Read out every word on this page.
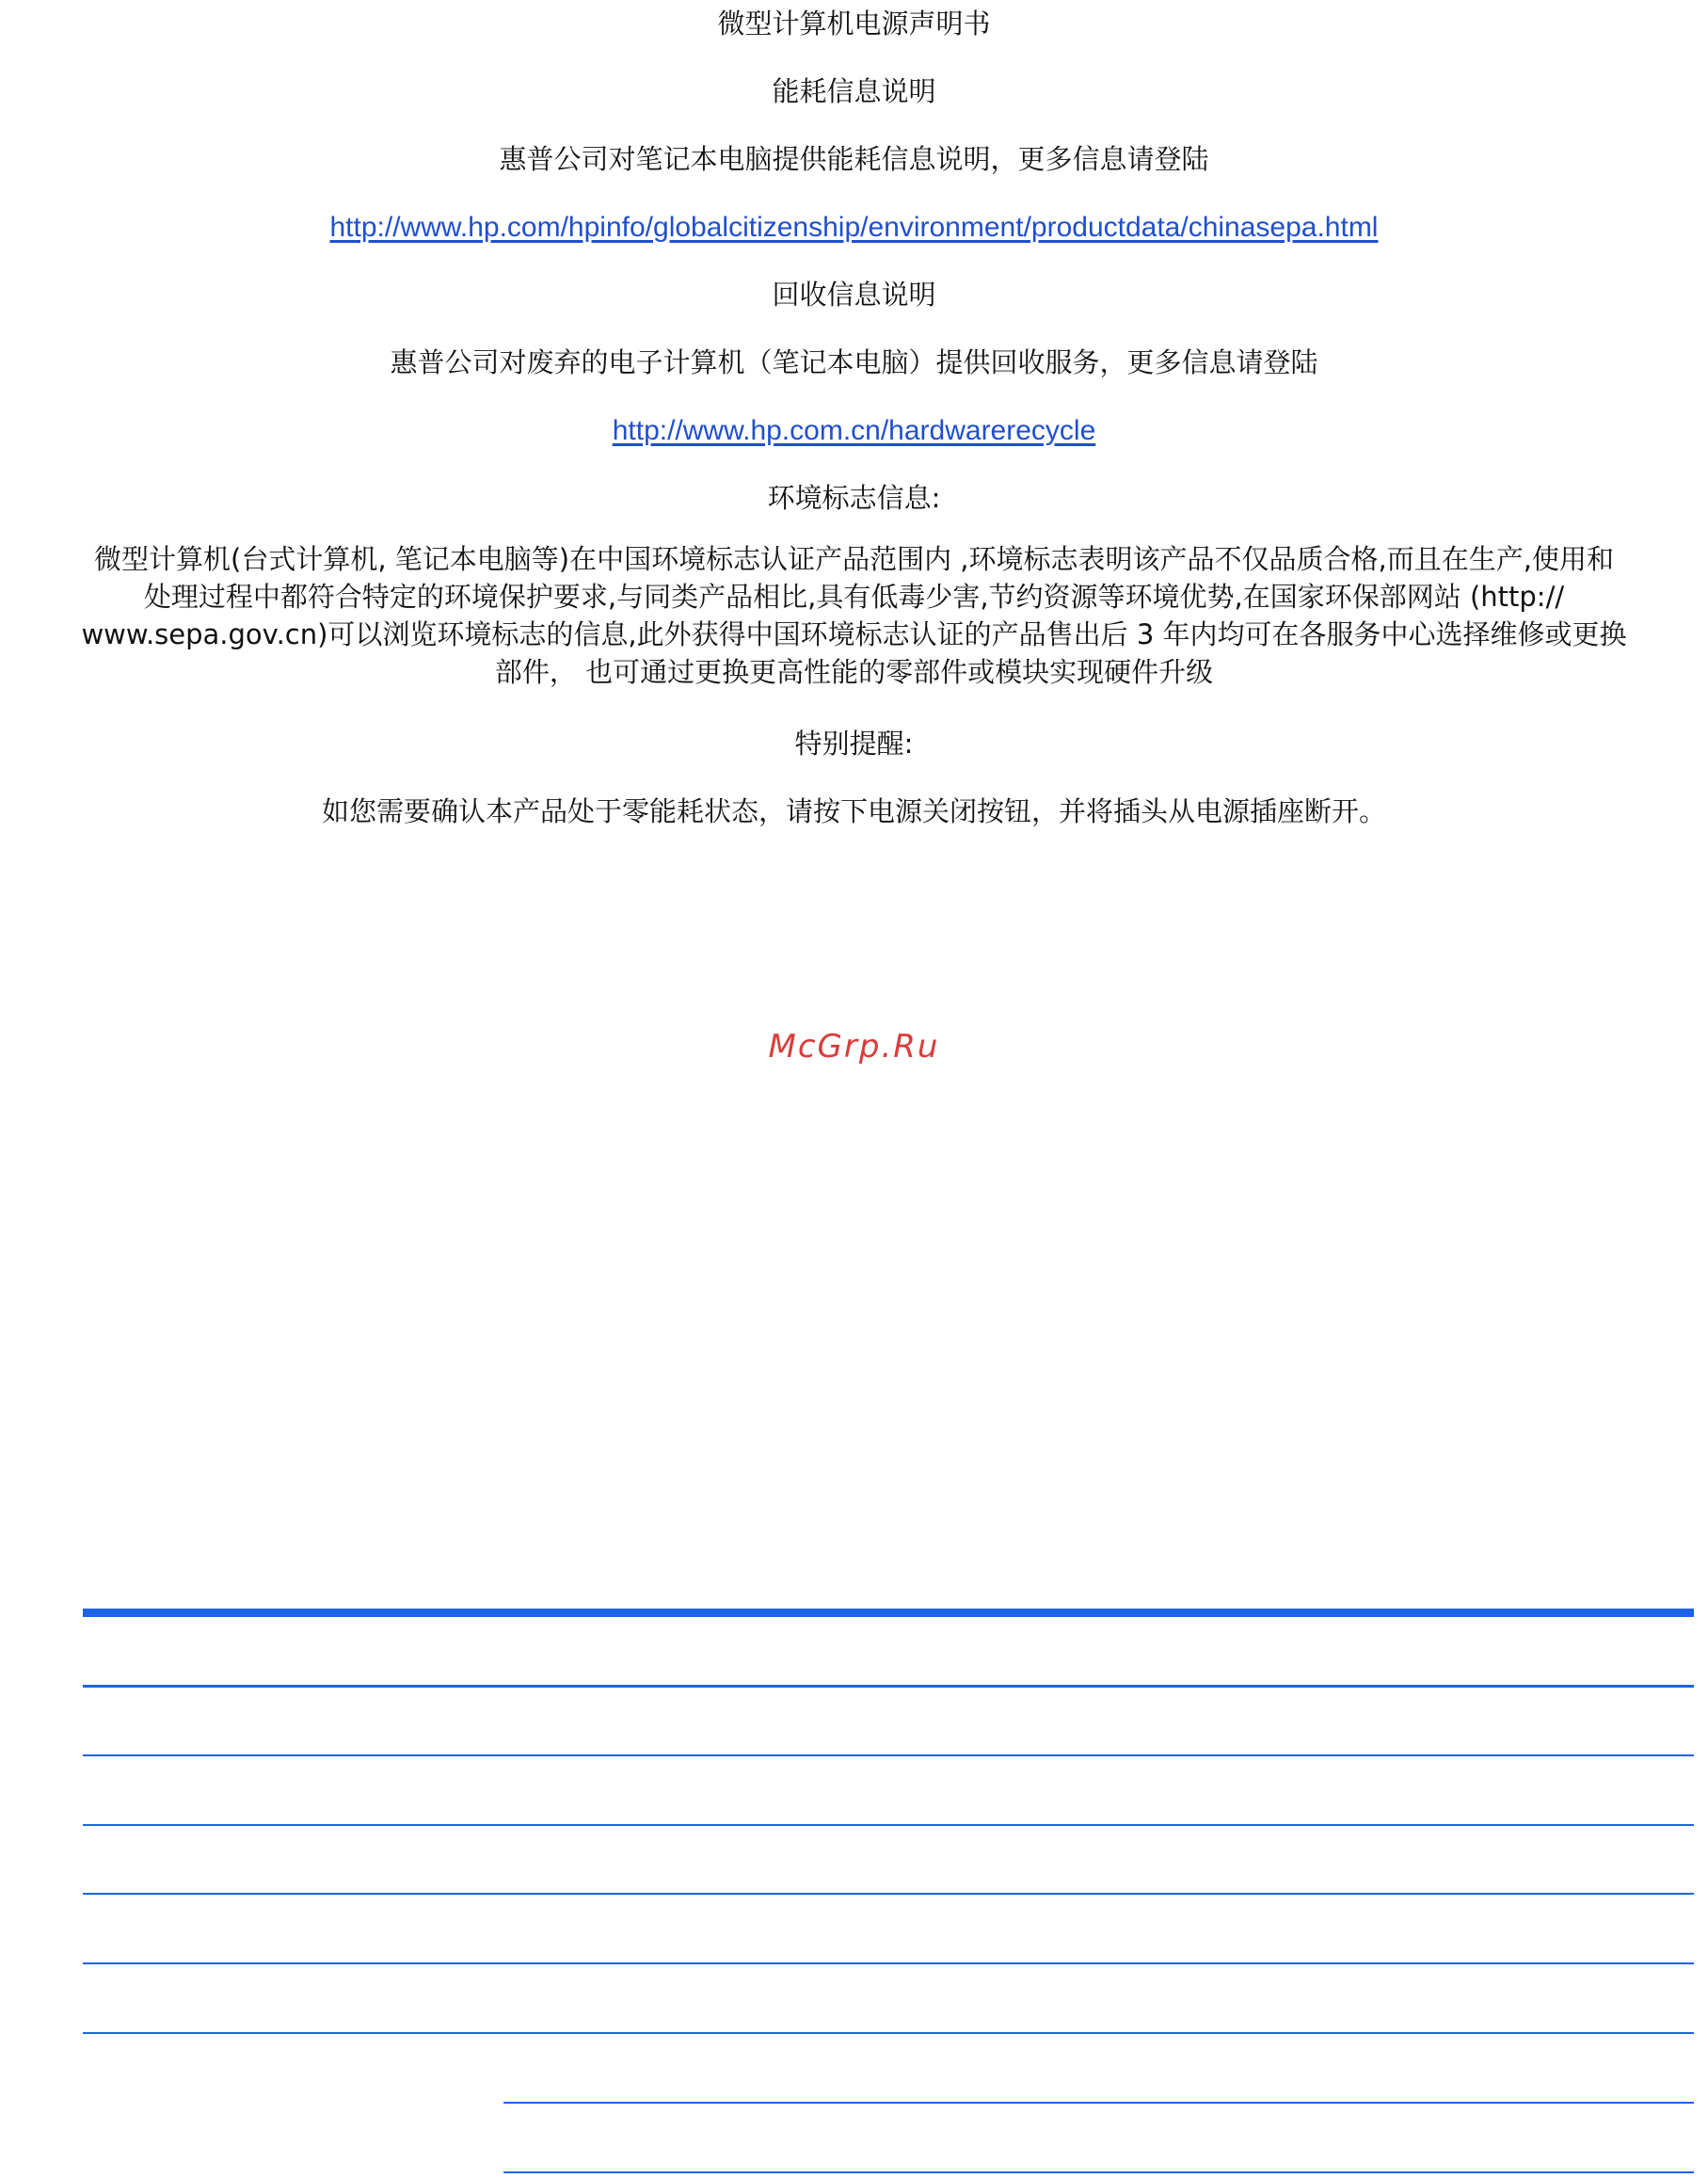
微型计算机电源声明书
能耗信息说明
惠普公司对笔记本电脑提供能耗信息说明，更多信息请登陆
http://www.hp.com/hpinfo/globalcitizenship/environment/productdata/chinasepa.html
回收信息说明
惠普公司对废弃的电子计算机（笔记本电脑）提供回收服务，更多信息请登陆
http://www.hp.com.cn/hardwarerecycle
环境标志信息:
微型计算机(台式计算机, 笔记本电脑等)在中国环境标志认证产品范围内 ,环境标志表明该产品不仅品质合格,而且在生产,使用和
处理过程中都符合特定的环境保护要求,与同类产品相比,具有低毒少害,节约资源等环境优势,在国家环保部网站 (http://
www.sepa.gov.cn)可以浏览环境标志的信息,此外获得中国环境标志认证的产品售出后 3 年内均可在各服务中心选择维修或更换
部件， 也可通过更换更高性能的零部件或模块实现硬件升级
特别提醒:
如您需要确认本产品处于零能耗状态，请按下电源关闭按钮，并将插头从电源插座断开。
McGrp.Ru
